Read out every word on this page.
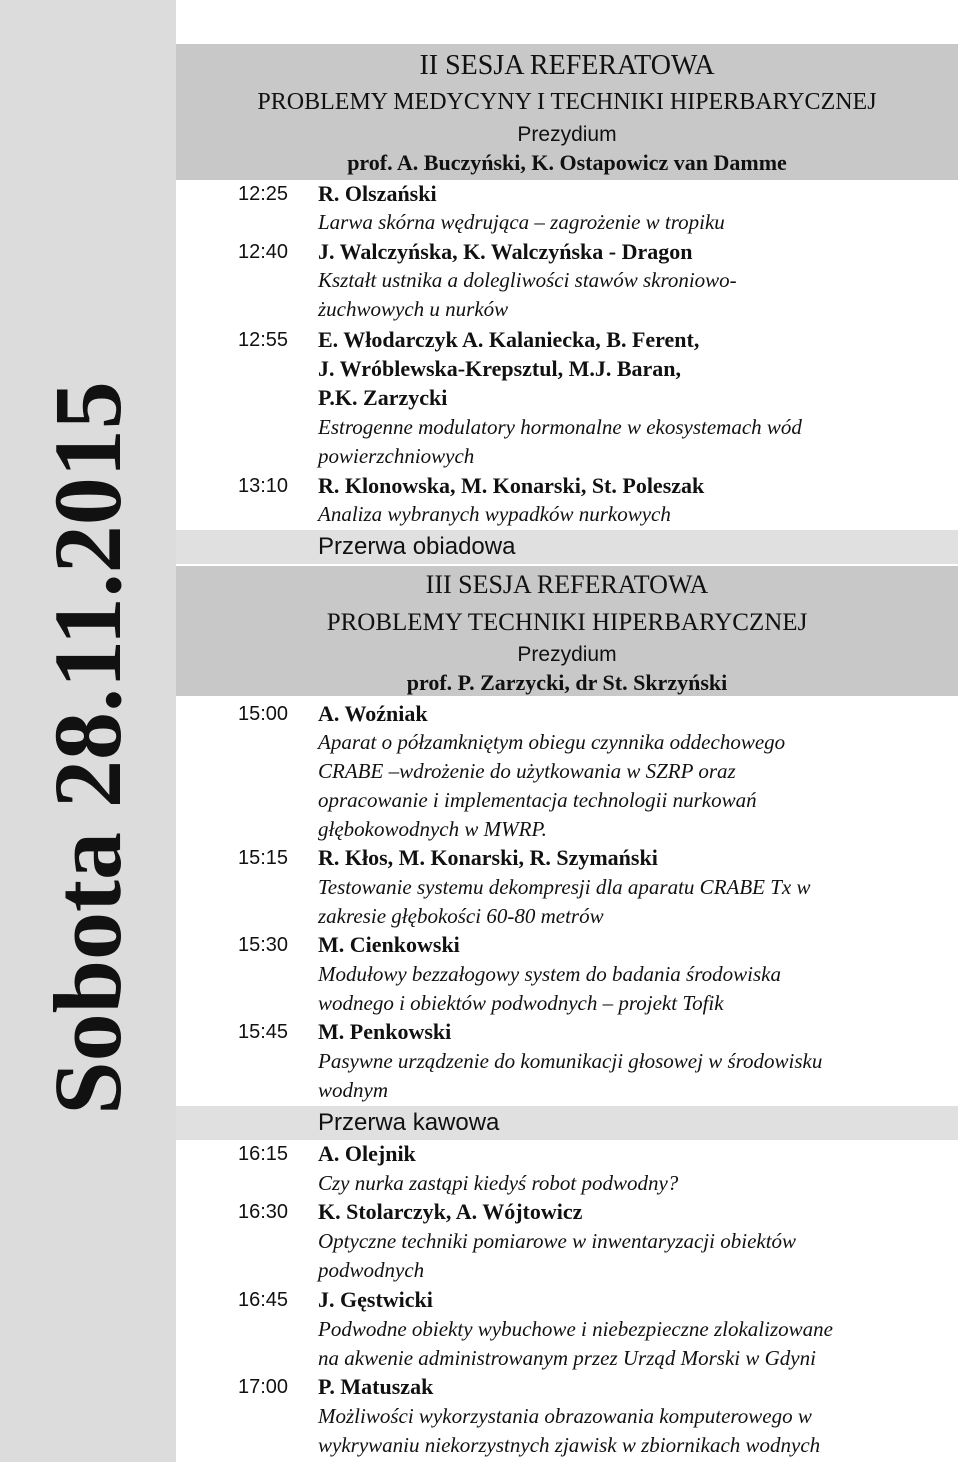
Sobota 28.11.2015
II SESJA REFERATOWA
PROBLEMY MEDYCYNY I TECHNIKI HIPERBARYCZNEJ
Prezydium
prof. A. Buczyński, K. Ostapowicz van Damme
12:25 R. Olszański
Larwa skórna wędrująca – zagrożenie w tropiku
12:40 J. Walczyńska, K. Walczyńska - Dragon
Kształt ustnika a dolegliwości stawów skroniowo-
żuchwowych u nurków
12:55 E. Włodarczyk A. Kalaniecka, B. Ferent,
J. Wróblewska-Krepsztul, M.J. Baran,
P.K. Zarzycki
Estrogenne modulatory hormonalne w ekosystemach wód
powierzchniowych
13:10 R. Klonowska, M. Konarski, St. Poleszak
Analiza wybranych wypadków nurkowych
Przerwa obiadowa
III SESJA REFERATOWA
PROBLEMY TECHNIKI HIPERBARYCZNEJ
Prezydium
prof. P. Zarzycki, dr St. Skrzyński
15:00 A. Woźniak
Aparat o półzamkniętym obiegu czynnika oddechowego
CRABE –wdrożenie do użytkowania w SZRP oraz
opracowanie i implementacja technologii nurkowań
głębokowodnych w MWRP.
15:15 R. Kłos, M. Konarski, R. Szymański
Testowanie systemu dekompresji dla aparatu CRABE Tx w
zakresie głębokości 60-80 metrów
15:30 M. Cienkowski
Modułowy bezzałogowy system do badania środowiska
wodnego i obiektów podwodnych – projekt Tofik
15:45 M. Penkowski
Pasywne urządzenie do komunikacji głosowej w środowisku
wodnym
Przerwa kawowa
16:15 A. Olejnik
Czy nurka zastąpi kiedyś robot podwodny?
16:30 K. Stolarczyk, A. Wójtowicz
Optyczne techniki pomiarowe w inwentaryzacji obiektów
podwodnych
16:45 J. Gęstwicki
Podwodne obiekty wybuchowe i niebezpieczne zlokalizowane
na akwenie administrowanym przez Urząd Morski w Gdyni
17:00 P. Matuszak
Możliwości wykorzystania obrazowania komputerowego w
wykrywaniu niekorzystnych zjawisk w zbiornikach wodnych
